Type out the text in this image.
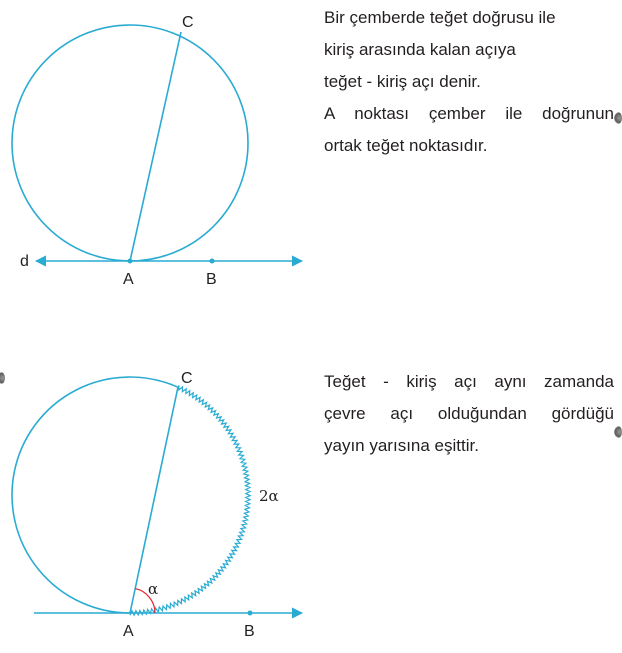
C
d
A	B

Bir çemberde teğet doğrusu ile

kiriş arasında kalan açıya

teğet - kiriş açı denir.

A noktası çember ile doğrunun

ortak teğet noktasıdır.

C
A	B
2α
α

Teğet - kiriş açı aynı zamanda

çevre açı olduğundan gördüğü

yayın yarısına eşittir.
